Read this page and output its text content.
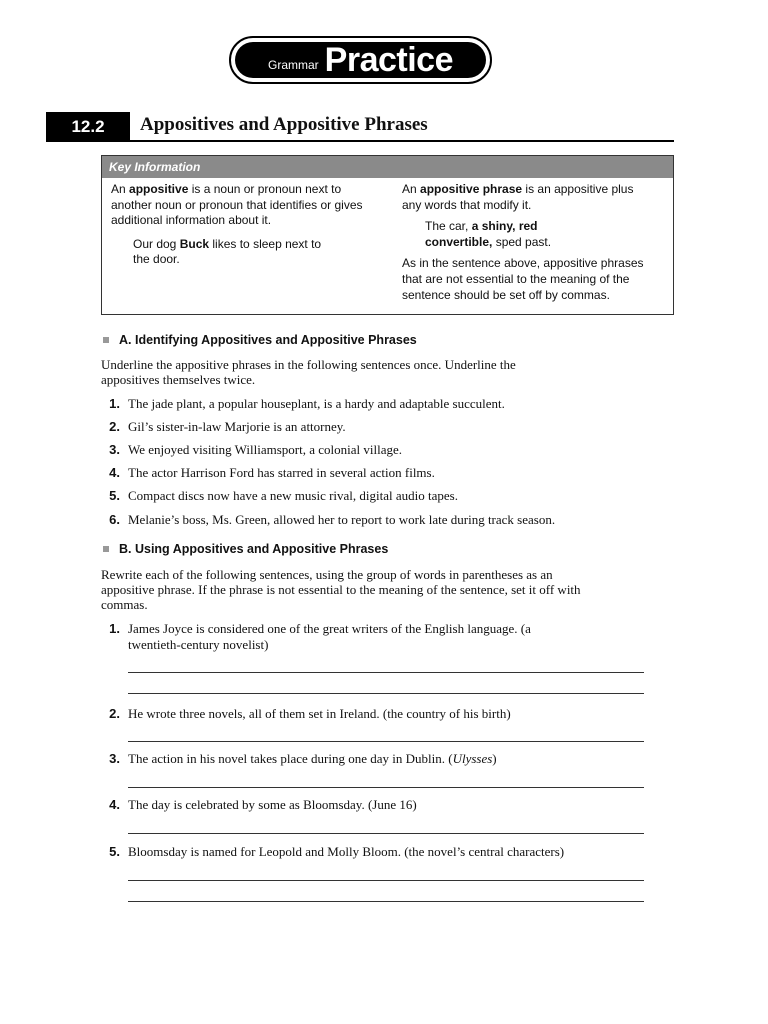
Grammar Practice
12.2	Appositives and Appositive Phrases
Key Information
An appositive is a noun or pronoun next to another noun or pronoun that identifies or gives additional information about it.
Our dog Buck likes to sleep next to the door.
An appositive phrase is an appositive plus any words that modify it.
The car, a shiny, red convertible, sped past.
As in the sentence above, appositive phrases that are not essential to the meaning of the sentence should be set off by commas.
A. Identifying Appositives and Appositive Phrases
Underline the appositive phrases in the following sentences once. Underline the appositives themselves twice.
1. The jade plant, a popular houseplant, is a hardy and adaptable succulent.
2. Gil’s sister-in-law Marjorie is an attorney.
3. We enjoyed visiting Williamsport, a colonial village.
4. The actor Harrison Ford has starred in several action films.
5. Compact discs now have a new music rival, digital audio tapes.
6. Melanie’s boss, Ms. Green, allowed her to report to work late during track season.
B. Using Appositives and Appositive Phrases
Rewrite each of the following sentences, using the group of words in parentheses as an appositive phrase. If the phrase is not essential to the meaning of the sentence, set it off with commas.
1. James Joyce is considered one of the great writers of the English language. (a twentieth-century novelist)
2. He wrote three novels, all of them set in Ireland. (the country of his birth)
3. The action in his novel takes place during one day in Dublin. (Ulysses)
4. The day is celebrated by some as Bloomsday. (June 16)
5. Bloomsday is named for Leopold and Molly Bloom. (the novel’s central characters)
